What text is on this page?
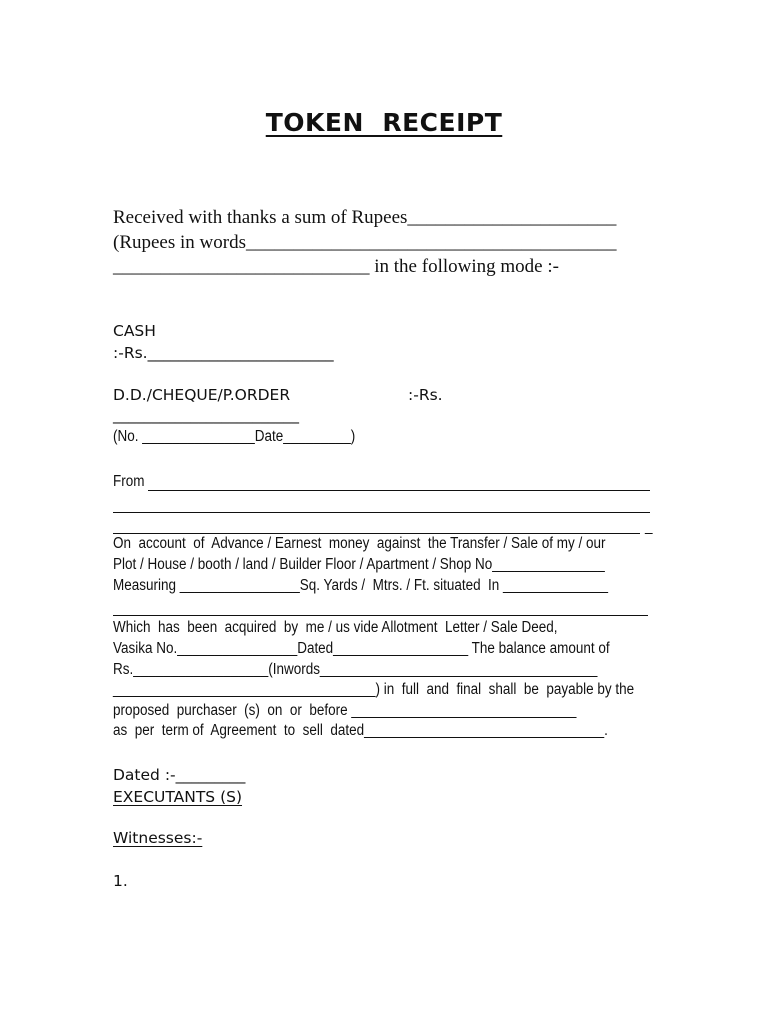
TOKEN  RECEIPT
Received with thanks a sum of Rupees______________________
(Rupees in words_______________________________________
___________________________ in the following mode :-
CASH
:-Rs.________________________
D.D./CHEQUE/P.ORDER	:-Rs.
________________________
(No. _______________Date_________)
From
_
On  account  of  Advance / Earnest  money  against  the Transfer / Sale of my / our
Plot / House / booth / land / Builder Floor / Apartment / Shop No_______________
Measuring ________________Sq. Yards /  Mtrs. / Ft. situated  In ______________
Which  has  been  acquired  by  me / us vide Allotment  Letter / Sale Deed,
Vasika No.________________Dated__________________ The balance amount of
Rs.__________________(Inwords_____________________________________
___________________________________) in  full  and  final  shall  be  payable by the
proposed  purchaser  (s)  on  or  before ______________________________
as  per  term of  Agreement  to  sell  dated________________________________.
Dated :-_________
EXECUTANTS (S)
Witnesses:-
1.
